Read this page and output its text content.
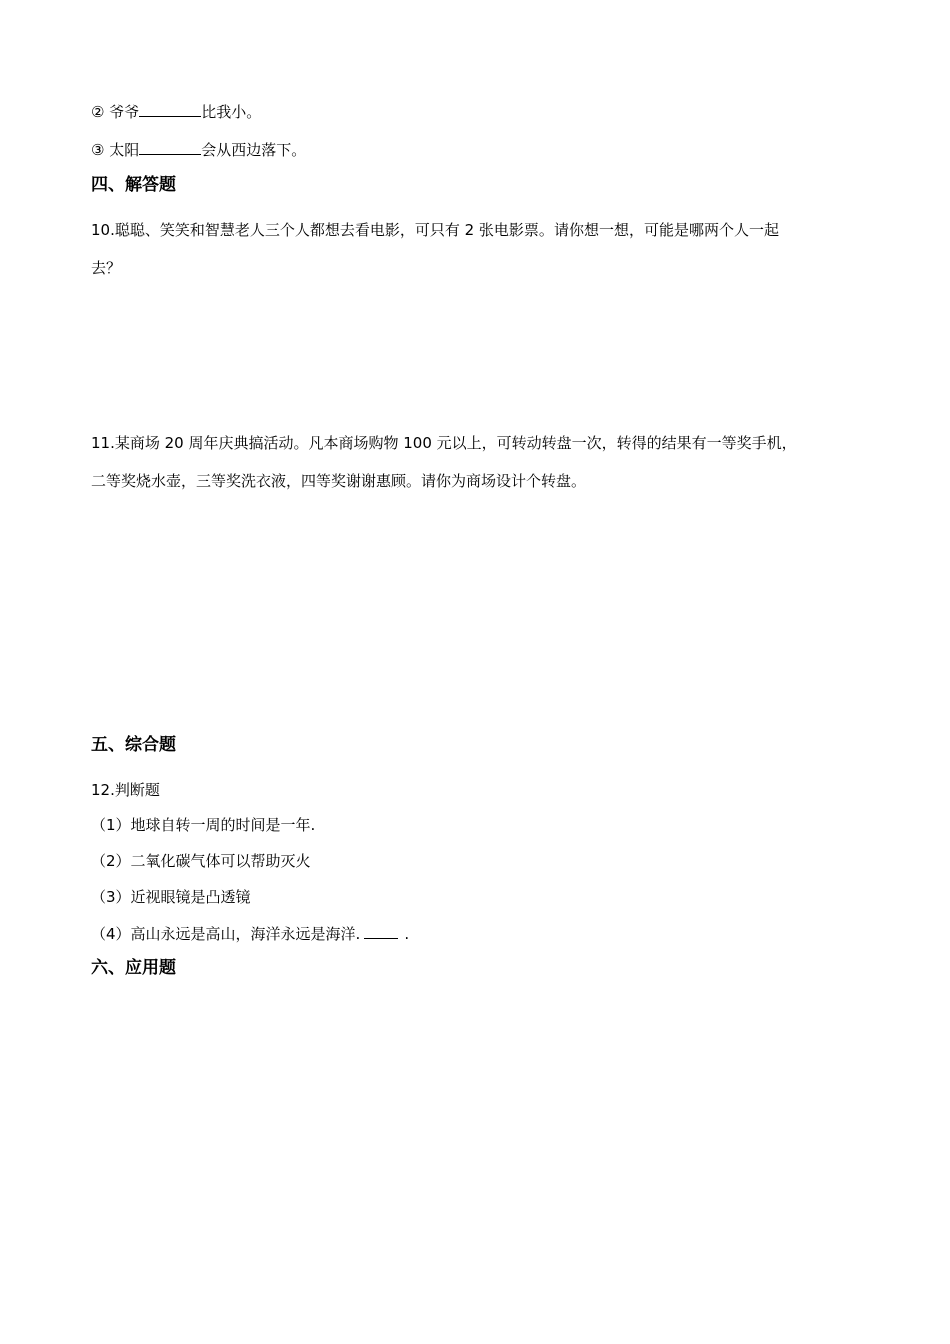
② 爷爷	比我小。
③ 太阳	会从西边落下。
四、解答题
10.聪聪、笑笑和智慧老人三个人都想去看电影，可只有 2 张电影票。请你想一想，可能是哪两个人一起
去？
11.某商场 20 周年庆典搞活动。凡本商场购物 100 元以上，可转动转盘一次，转得的结果有一等奖手机，
二等奖烧水壶，三等奖洗衣液，四等奖谢谢惠顾。请你为商场设计个转盘。
五、综合题
12.判断题
（1）地球自转一周的时间是一年.
（2）二氧化碳气体可以帮助灭火
（3）近视眼镜是凸透镜
（4）高山永远是高山，海洋永远是海洋.	.
六、应用题
